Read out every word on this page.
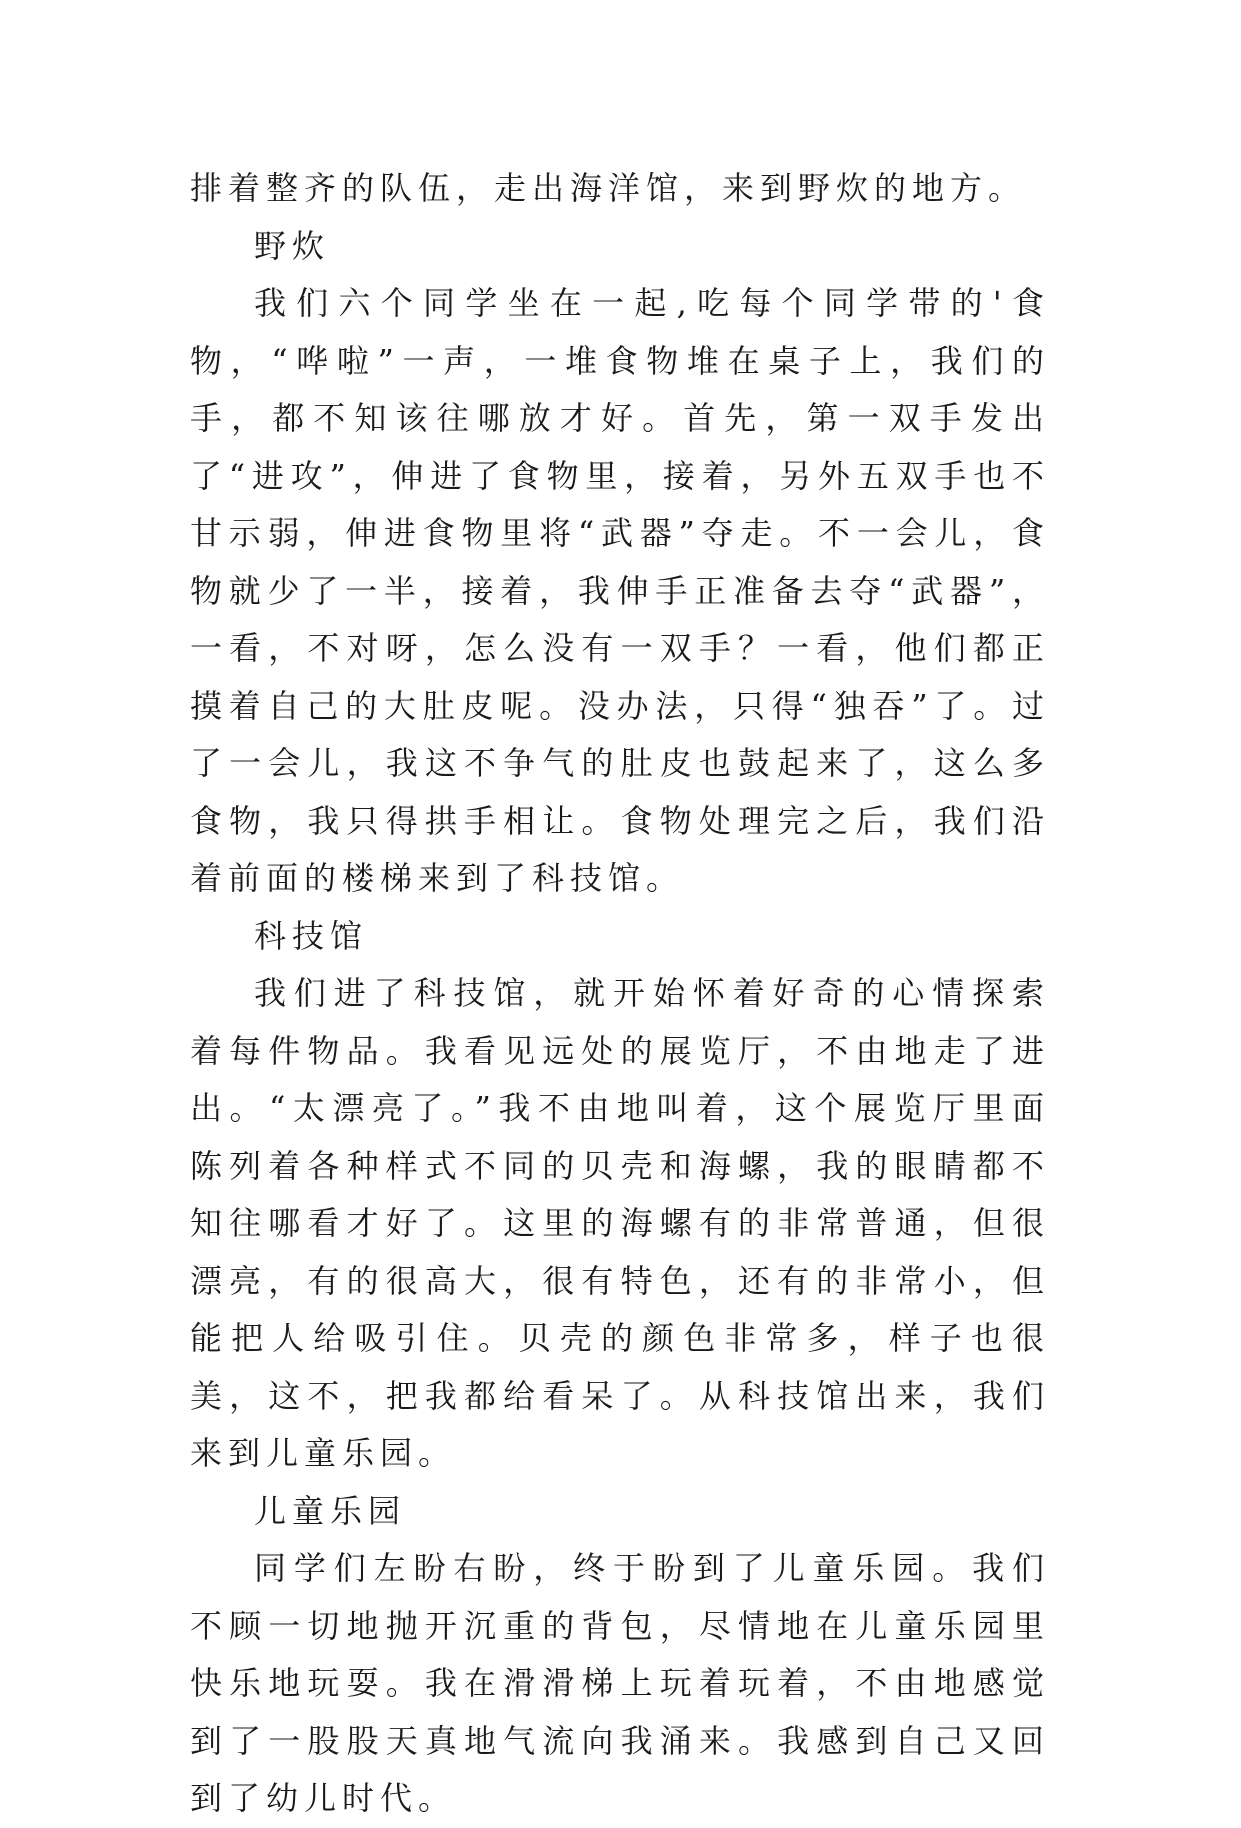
排着整齐的队伍，走出海洋馆，来到野炊的地方。

野炊

我们六个同学坐在一起,吃每个同学带的'食物，“哗啦”一声，一堆食物堆在桌子上，我们的手，都不知该往哪放才好。首先，第一双手发出了“进攻”，伸进了食物里，接着，另外五双手也不甘示弱，伸进食物里将“武器”夺走。不一会儿，食物就少了一半，接着，我伸手正准备去夺“武器”，一看，不对呀，怎么没有一双手？一看，他们都正摸着自己的大肚皮呢。没办法，只得“独吞”了。过了一会儿，我这不争气的肚皮也鼓起来了，这么多食物，我只得拱手相让。食物处理完之后，我们沿着前面的楼梯来到了科技馆。

科技馆

我们进了科技馆，就开始怀着好奇的心情探索着每件物品。我看见远处的展览厅，不由地走了进出。“太漂亮了。”我不由地叫着，这个展览厅里面陈列着各种样式不同的贝壳和海螺，我的眼睛都不知往哪看才好了。这里的海螺有的非常普通，但很漂亮，有的很高大，很有特色，还有的非常小，但能把人给吸引住。贝壳的颜色非常多，样子也很美，这不，把我都给看呆了。从科技馆出来，我们来到儿童乐园。

儿童乐园

同学们左盼右盼，终于盼到了儿童乐园。我们不顾一切地抛开沉重的背包，尽情地在儿童乐园里快乐地玩耍。我在滑滑梯上玩着玩着，不由地感觉到了一股股天真地气流向我涌来。我感到自己又回到了幼儿时代。
